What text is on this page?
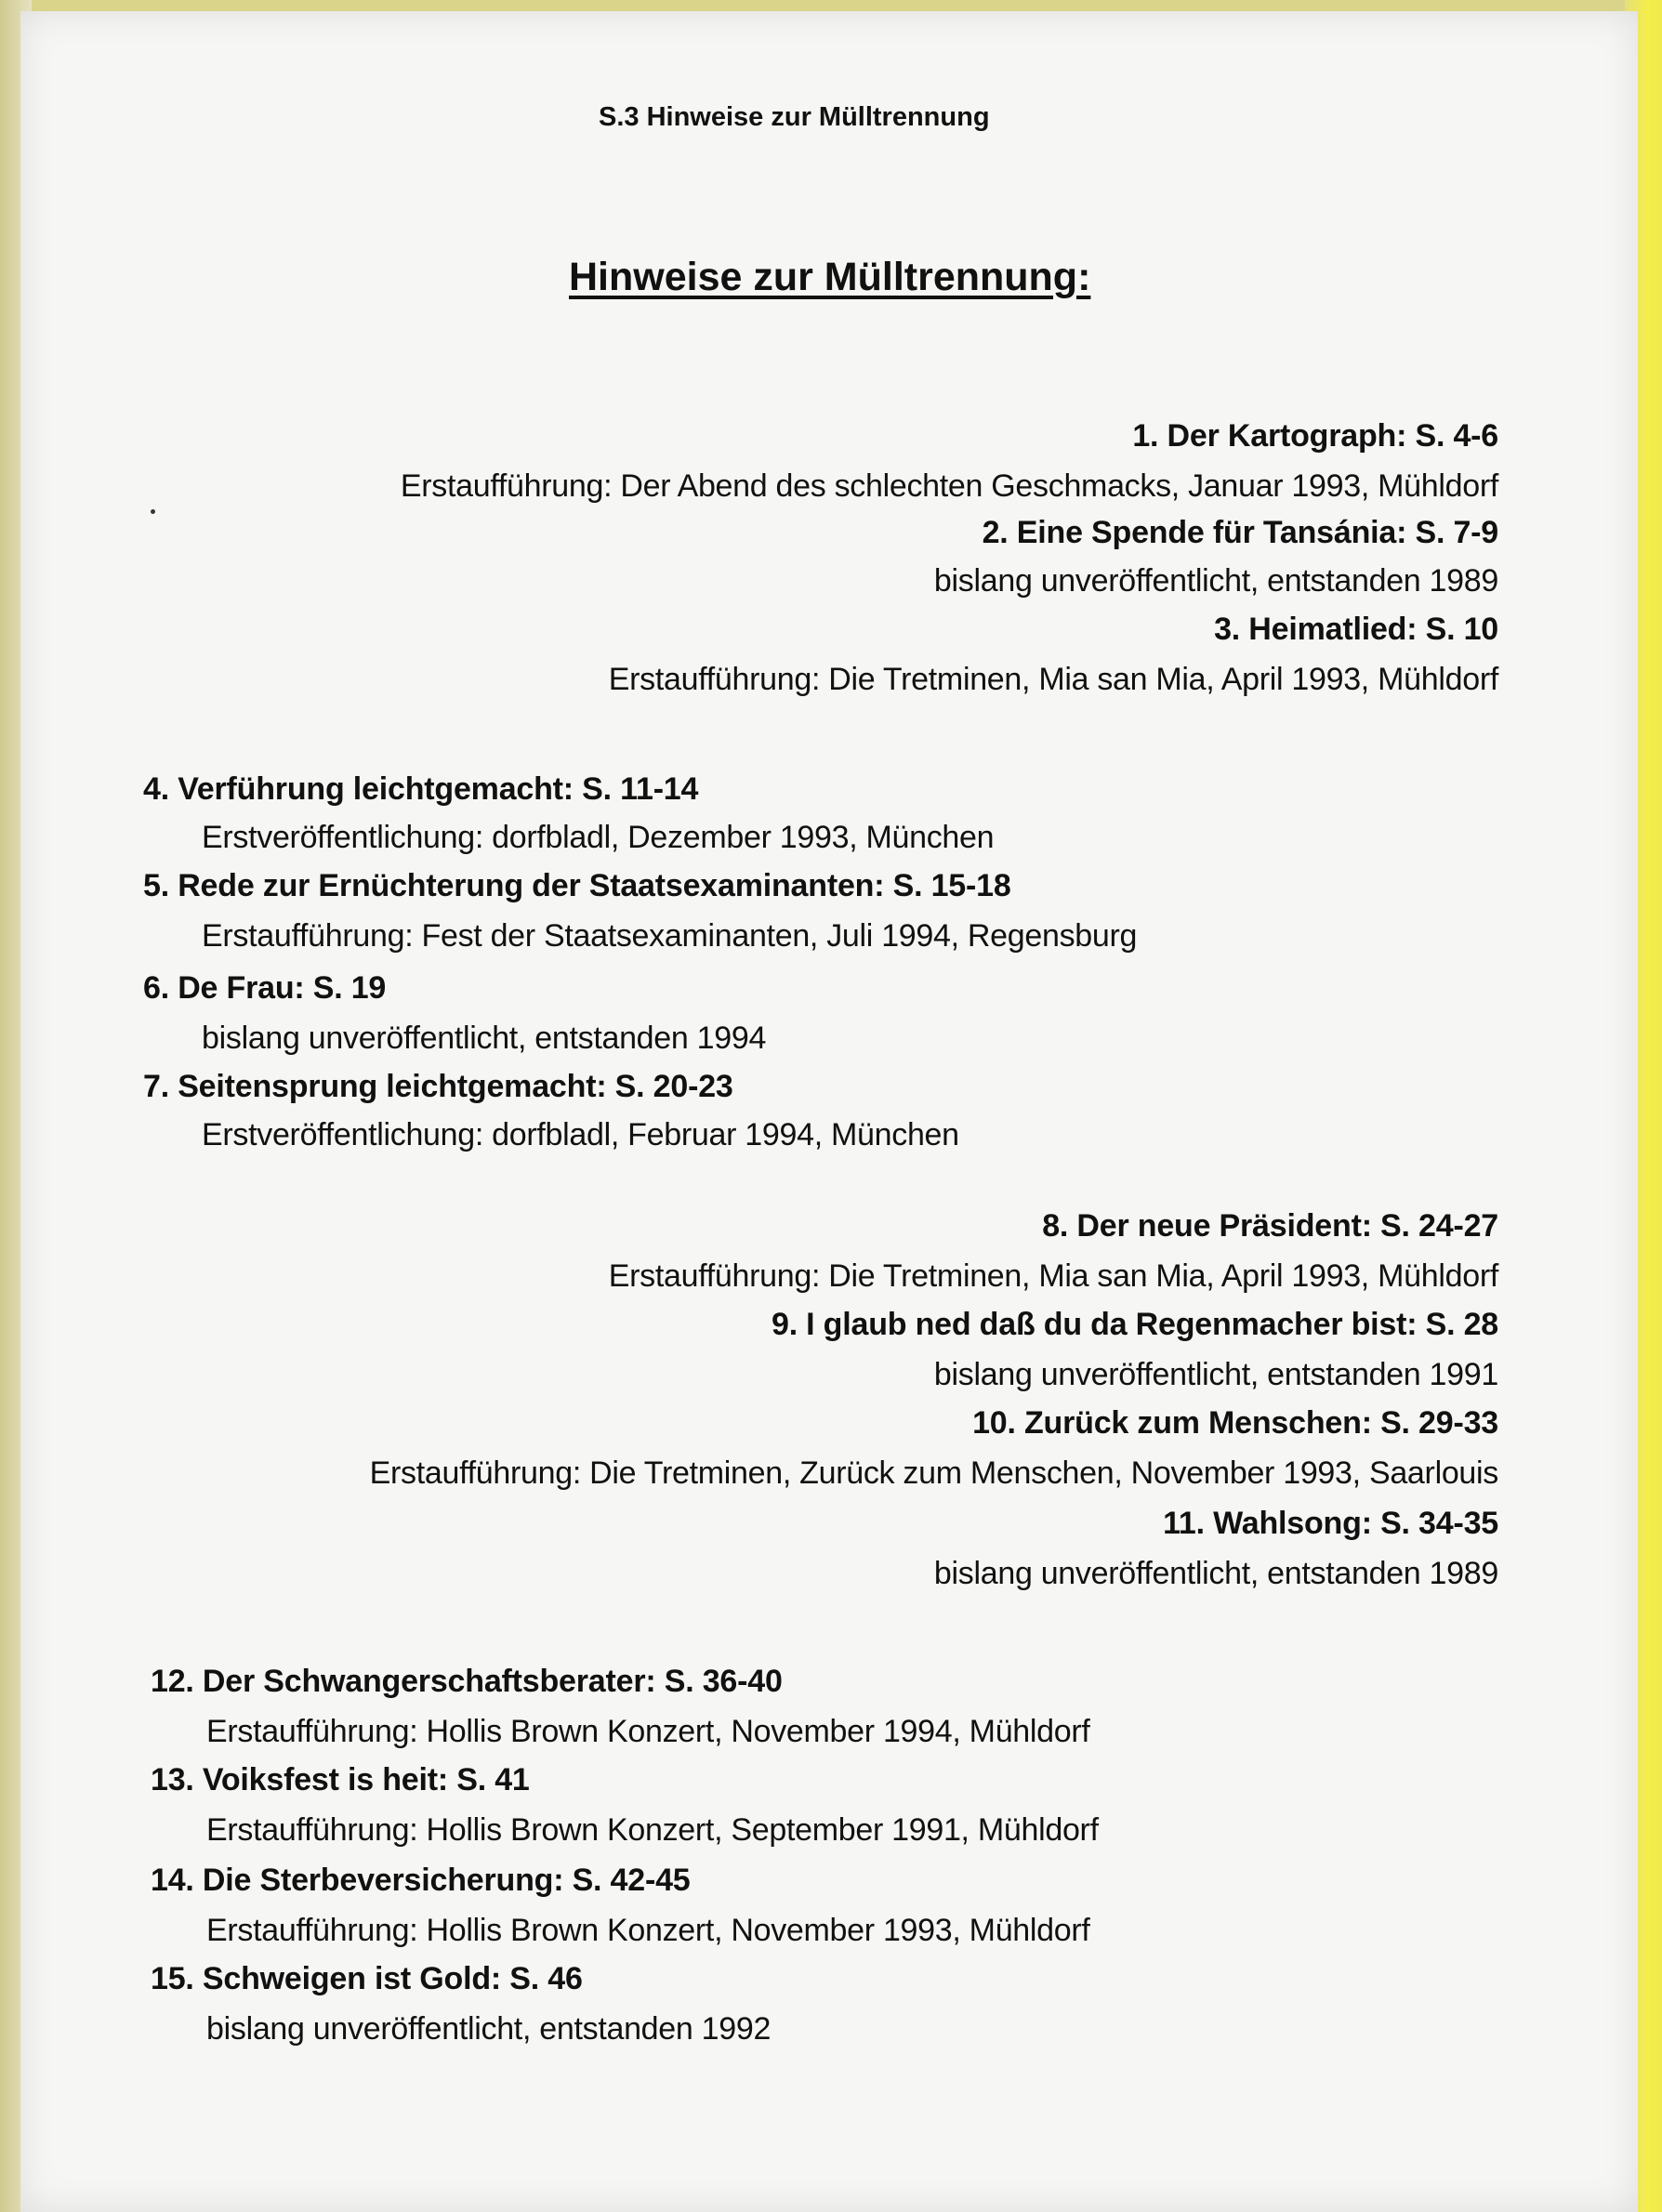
S.3 Hinweise zur Mülltrennung
Hinweise zur Mülltrennung:
1. Der Kartograph: S. 4-6
Erstaufführung: Der Abend des schlechten Geschmacks, Januar 1993, Mühldorf
2. Eine Spende für Tansánia: S. 7-9
bislang unveröffentlicht, entstanden 1989
3. Heimatlied: S. 10
Erstaufführung: Die Tretminen, Mia san Mia, April 1993, Mühldorf
4. Verführung leichtgemacht: S. 11-14
Erstveröffentlichung: dorfbladl, Dezember 1993, München
5. Rede zur Ernüchterung der Staatsexaminanten: S. 15-18
Erstaufführung: Fest der Staatsexaminanten, Juli 1994, Regensburg
6. De Frau: S. 19
bislang unveröffentlicht, entstanden 1994
7. Seitensprung leichtgemacht: S. 20-23
Erstveröffentlichung: dorfbladl, Februar 1994, München
8. Der neue Präsident: S. 24-27
Erstaufführung: Die Tretminen, Mia san Mia, April 1993, Mühldorf
9. I glaub ned daß du da Regenmacher bist: S. 28
bislang unveröffentlicht, entstanden 1991
10. Zurück zum Menschen: S. 29-33
Erstaufführung: Die Tretminen, Zurück zum Menschen, November 1993, Saarlouis
11. Wahlsong: S. 34-35
bislang unveröffentlicht, entstanden 1989
12. Der Schwangerschaftsberater: S. 36-40
Erstaufführung: Hollis Brown Konzert, November 1994, Mühldorf
13. Voiksfest is heit: S. 41
Erstaufführung: Hollis Brown Konzert, September 1991, Mühldorf
14. Die Sterbeversicherung: S. 42-45
Erstaufführung: Hollis Brown Konzert, November 1993, Mühldorf
15. Schweigen ist Gold: S. 46
bislang unveröffentlicht, entstanden 1992
